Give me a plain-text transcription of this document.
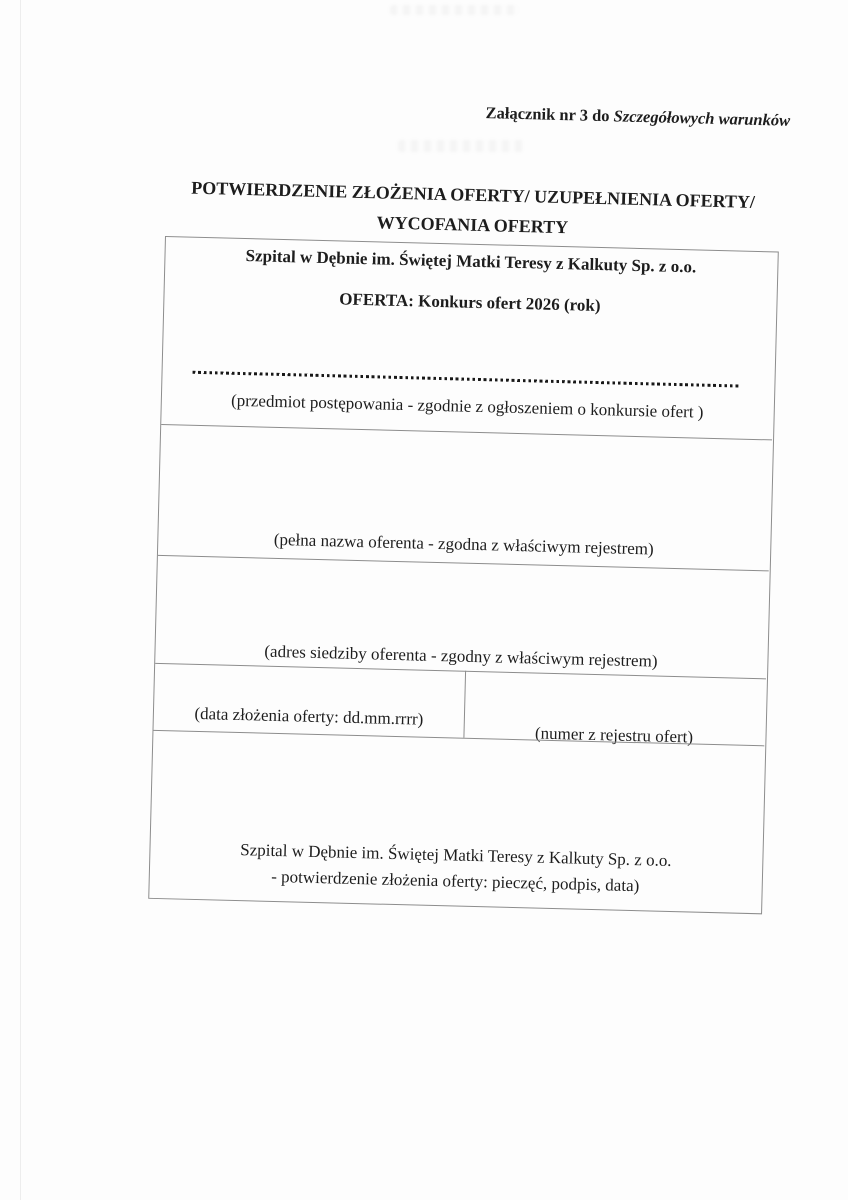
Załącznik nr 3 do Szczegółowych warunków
POTWIERDZENIE ZŁOŻENIA OFERTY/ UZUPEŁNIENIA OFERTY/
WYCOFANIA OFERTY
Szpital w Dębnie im. Świętej Matki Teresy z Kalkuty Sp. z o.o.
OFERTA: Konkurs ofert 2026 (rok)
(przedmiot postępowania - zgodnie z ogłoszeniem o konkursie ofert )
(pełna nazwa oferenta - zgodna z właściwym rejestrem)
(adres siedziby oferenta - zgodny z właściwym rejestrem)
(data złożenia oferty: dd.mm.rrrr)
(numer z rejestru ofert)
Szpital w Dębnie im. Świętej Matki Teresy z Kalkuty Sp. z o.o.
- potwierdzenie złożenia oferty: pieczęć, podpis, data)
